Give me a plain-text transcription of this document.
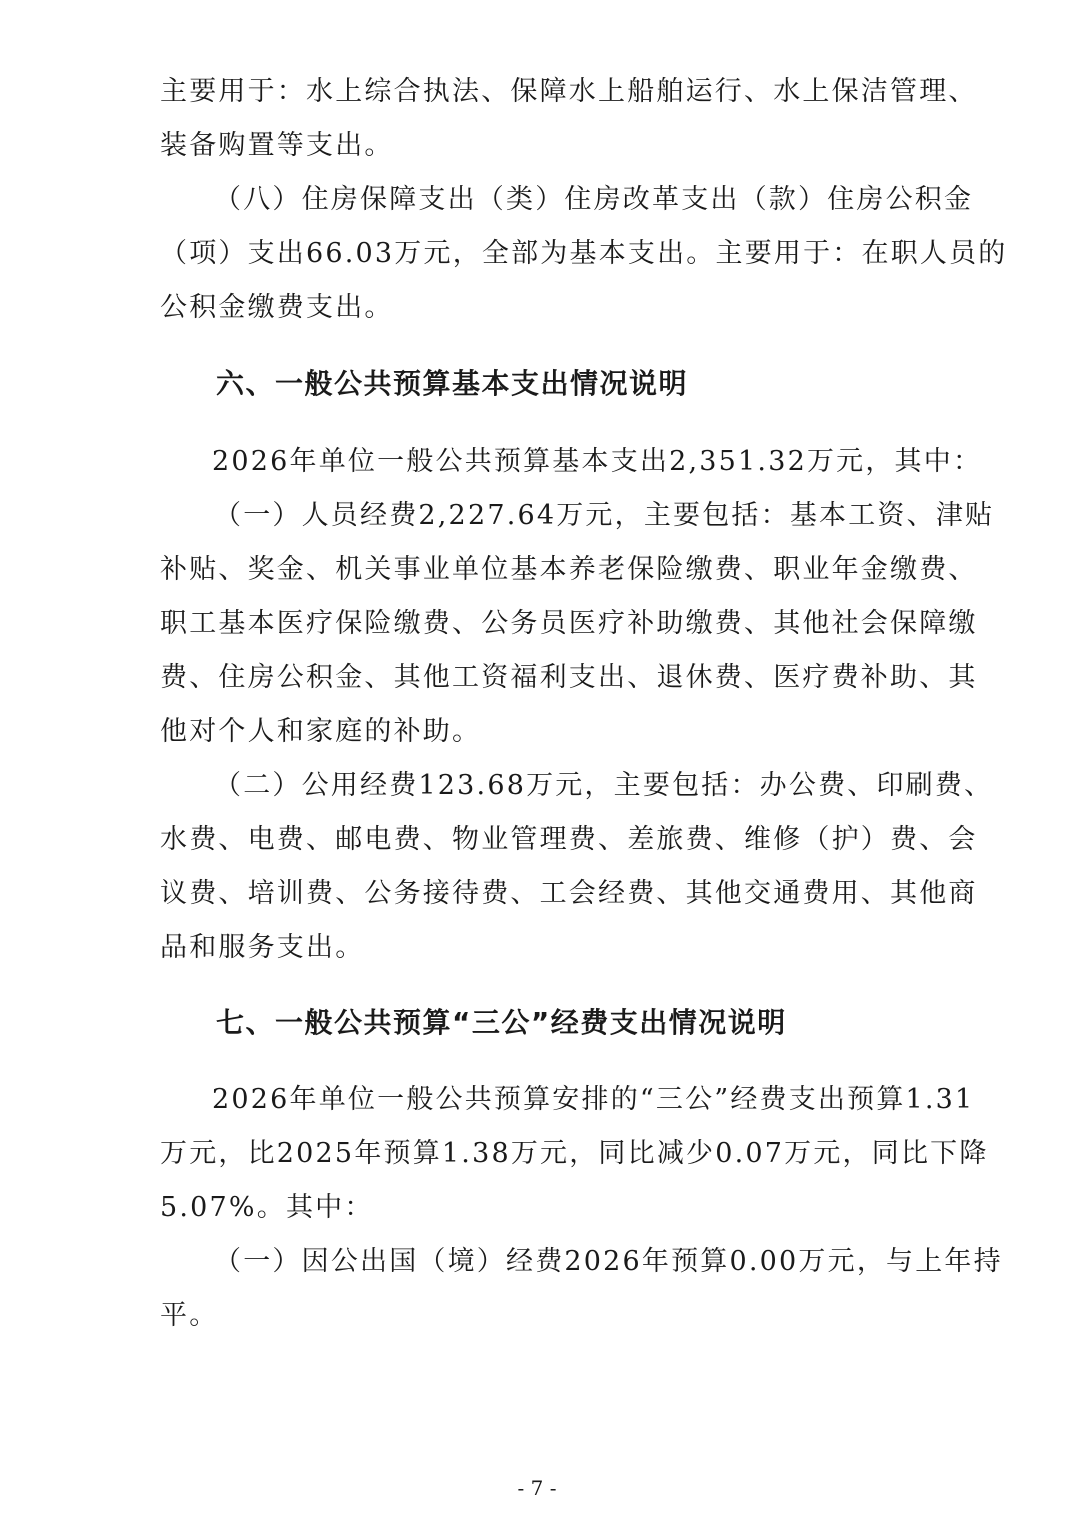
主要用于：水上综合执法、保障水上船舶运行、水上保洁管理、
装备购置等支出。
（八）住房保障支出（类）住房改革支出（款）住房公积金
（项）支出66.03万元，全部为基本支出。主要用于：在职人员的
公积金缴费支出。
六、一般公共预算基本支出情况说明
2026年单位一般公共预算基本支出2,351.32万元，其中：
（一）人员经费2,227.64万元，主要包括：基本工资、津贴
补贴、奖金、机关事业单位基本养老保险缴费、职业年金缴费、
职工基本医疗保险缴费、公务员医疗补助缴费、其他社会保障缴
费、住房公积金、其他工资福利支出、退休费、医疗费补助、其
他对个人和家庭的补助。
（二）公用经费123.68万元，主要包括：办公费、印刷费、
水费、电费、邮电费、物业管理费、差旅费、维修（护）费、会
议费、培训费、公务接待费、工会经费、其他交通费用、其他商
品和服务支出。
七、一般公共预算“三公”经费支出情况说明
2026年单位一般公共预算安排的“三公”经费支出预算1.31
万元，比2025年预算1.38万元，同比减少0.07万元，同比下降
5.07%。其中：
（一）因公出国（境）经费2026年预算0.00万元，与上年持
平。
- 7 -
